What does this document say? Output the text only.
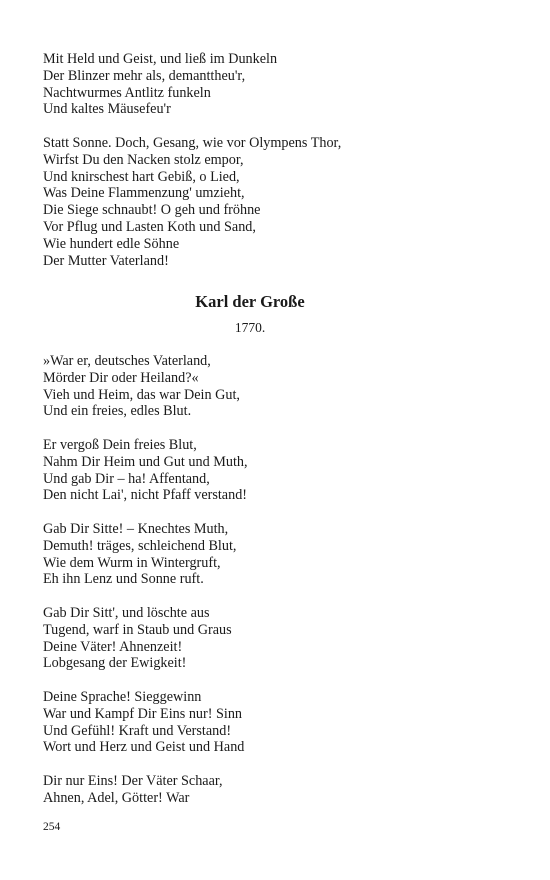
Mit Held und Geist, und ließ im Dunkeln
Der Blinzer mehr als, demanttheu'r,
Nachtwurmes Antlitz funkeln
Und kaltes Mäusefeu'r
Statt Sonne. Doch, Gesang, wie vor Olympens Thor,
Wirfst Du den Nacken stolz empor,
Und knirschest hart Gebiß, o Lied,
Was Deine Flammenzung' umzieht,
Die Siege schnaubt! O geh und fröhne
Vor Pflug und Lasten Koth und Sand,
Wie hundert edle Söhne
Der Mutter Vaterland!
Karl der Große
1770.
»War er, deutsches Vaterland,
Mörder Dir oder Heiland?«
Vieh und Heim, das war Dein Gut,
Und ein freies, edles Blut.
Er vergoß Dein freies Blut,
Nahm Dir Heim und Gut und Muth,
Und gab Dir – ha! Affentand,
Den nicht Lai', nicht Pfaff verstand!
Gab Dir Sitte! – Knechtes Muth,
Demuth! träges, schleichend Blut,
Wie dem Wurm in Wintergruft,
Eh ihn Lenz und Sonne ruft.
Gab Dir Sitt', und löschte aus
Tugend, warf in Staub und Graus
Deine Väter! Ahnenzeit!
Lobgesang der Ewigkeit!
Deine Sprache! Sieggewinn
War und Kampf Dir Eins nur! Sinn
Und Gefühl! Kraft und Verstand!
Wort und Herz und Geist und Hand
Dir nur Eins! Der Väter Schaar,
Ahnen, Adel, Götter! War
254
